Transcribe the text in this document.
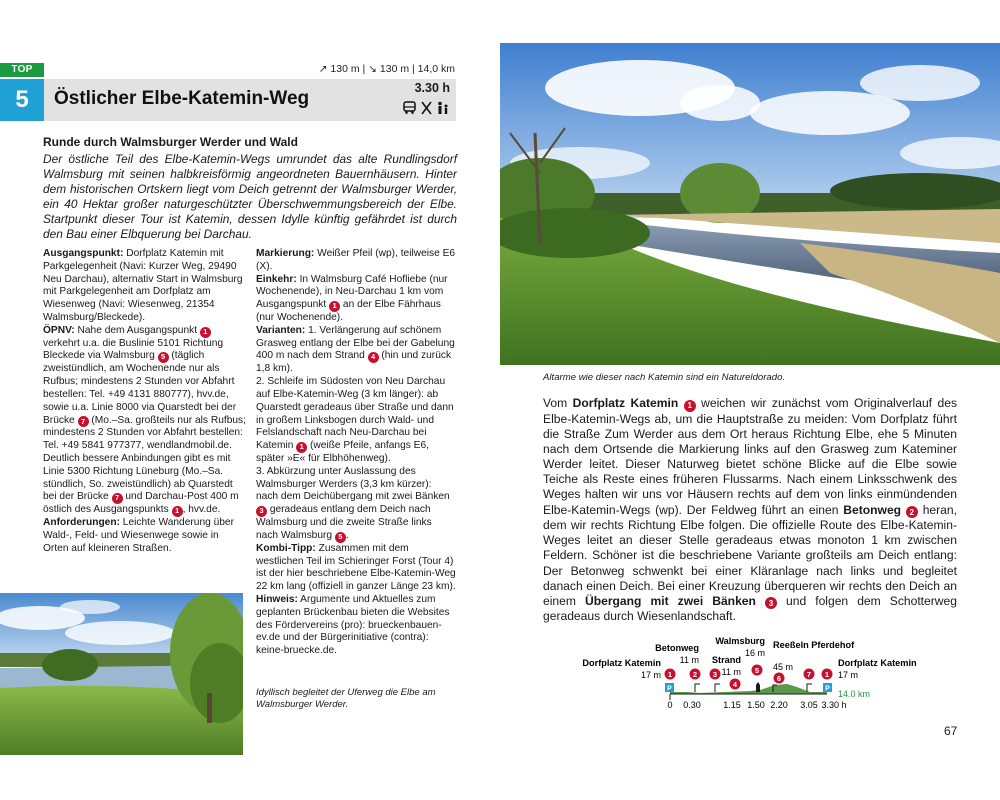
TOP
5
↗ 130 m | ↘ 130 m | 14,0 km
Östlicher Elbe-Katemin-Weg	3.30 h
Runde durch Walmsburger Werder und Wald
Der östliche Teil des Elbe-Katemin-Wegs umrundet das alte Rundlingsdorf Walmsburg mit seinen halbkreisförmig angeordneten Bauernhäusern. Hinter dem historischen Ortskern liegt vom Deich getrennt der Walmsburger Werder, ein 40 Hektar großer naturgeschützter Überschwemmungsbereich der Elbe. Startpunkt dieser Tour ist Katemin, dessen Idylle künftig gefährdet ist durch den Bau einer Elbquerung bei Darchau.
Ausgangspunkt: Dorfplatz Katemin mit Parkgelegenheit (Navi: Kurzer Weg, 29490 Neu Darchau), alternativ Start in Walmsburg mit Parkgelegenheit am Dorfplatz am Wiesenweg (Navi: Wiesenweg, 21354 Walmsburg/Bleckede).
ÖPNV: Nahe dem Ausgangspunkt 1 verkehrt u.a. die Buslinie 5101 Richtung Bleckede via Walmsburg 5 (täglich zweistündlich, am Wochenende nur als Rufbus; mindestens 2 Stunden vor Abfahrt bestellen: Tel. +49 4131 880777), hvv.de, sowie u.a. Linie 8000 via Quarstedt bei der Brücke 7 (Mo.–Sa. großteils nur als Rufbus; mindestens 2 Stunden vor Abfahrt bestellen: Tel. +49 5841 977377, wendlandmobil.de. Deutlich bessere Anbindungen gibt es mit Linie 5300 Richtung Lüneburg (Mo.–Sa. stündlich, So. zweistündlich) ab Quarstedt bei der Brücke 7 und Darchau-Post 400 m östlich des Ausgangspunkts 1 , hvv.de.
Anforderungen: Leichte Wanderung über Wald-, Feld- und Wiesenwege sowie in Orten auf kleineren Straßen.
Markierung: Weißer Pfeil (wp), teilweise E6 (X).
Einkehr: In Walmsburg Café Hofliebe (nur Wochenende), in Neu-Darchau 1 km vom Ausgangspunkt 1 an der Elbe Fährhaus (nur Wochenende).
Varianten: 1. Verlängerung auf schönem Grasweg entlang der Elbe bei der Gabelung 400 m nach dem Strand 4 (hin und zurück 1,8 km).
2. Schleife im Südosten von Neu Darchau auf Elbe-Katemin-Weg (3 km länger): ab Quarstedt geradeaus über Straße und dann in großem Linksbogen durch Wald- und Felslandschaft nach Neu-Darchau bei Katemin 1 (weiße Pfeile, anfangs E6, später »E« für Elbhöhenweg).
3. Abkürzung unter Auslassung des Walmsburger Werders (3,3 km kürzer): nach dem Deichübergang mit zwei Bänken 3 geradeaus entlang dem Deich nach Walmsburg und die zweite Straße links nach Walmsburg 5 .
Kombi-Tipp: Zusammen mit dem westlichen Teil im Schieringer Forst (Tour 4) ist der hier beschriebene Elbe-Katemin-Weg 22 km lang (offiziell in ganzer Länge 23 km).
Hinweis: Argumente und Aktuelles zum geplanten Brückenbau bieten die Websites des Fördervereins (pro): brueckenbauen-ev.de und der Bürgerinitiative (contra): keine-bruecke.de.
Idyllisch begleitet der Uferweg die Elbe am Walmsburger Werder.
Altarme wie dieser nach Katemin sind ein Natureldorado.
Vom Dorfplatz Katemin 1 weichen wir zunächst vom Originalverlauf des Elbe-Katemin-Wegs ab, um die Hauptstraße zu meiden: Vom Dorfplatz führt die Straße Zum Werder aus dem Ort heraus Richtung Elbe, ehe 5 Minuten nach dem Ortsende die Markierung links auf den Grasweg zum Kateminer Werder leitet. Dieser Naturweg bietet schöne Blicke auf die Elbe sowie Teiche als Reste eines früheren Flussarms. Nach einem Linksschwenk des Weges halten wir uns vor Häusern rechts auf dem von links einmündenden Elbe-Katemin-Wegs (wp). Der Feldweg führt an einen Betonweg 2 heran, dem wir rechts Richtung Elbe folgen. Die offizielle Route des Elbe-Katemin-Weges leitet an dieser Stelle geradeaus etwas monoton 1 km zwischen Feldern. Schöner ist die beschriebene Variante großteils am Deich entlang: Der Betonweg schwenkt bei einer Kläranlage nach links und begleitet danach einen Deich. Bei einer Kreuzung überqueren wir rechts den Deich an einem Übergang mit zwei Bänken 3 und folgen dem Schotterweg geradeaus durch Wiesenlandschaft.
Dorfplatz Katemin
17 m
Betonweg
11 m
Walmsburg
16 m
Strand
11 m
Reeßeln Pferdehof
45 m	Dorfplatz Katemin
17 m
P	P
1	2 3
4
5
6	7 1
0 0.30 1.15 1.50 2.20 3.05 3.30 h
14.0 km
67
